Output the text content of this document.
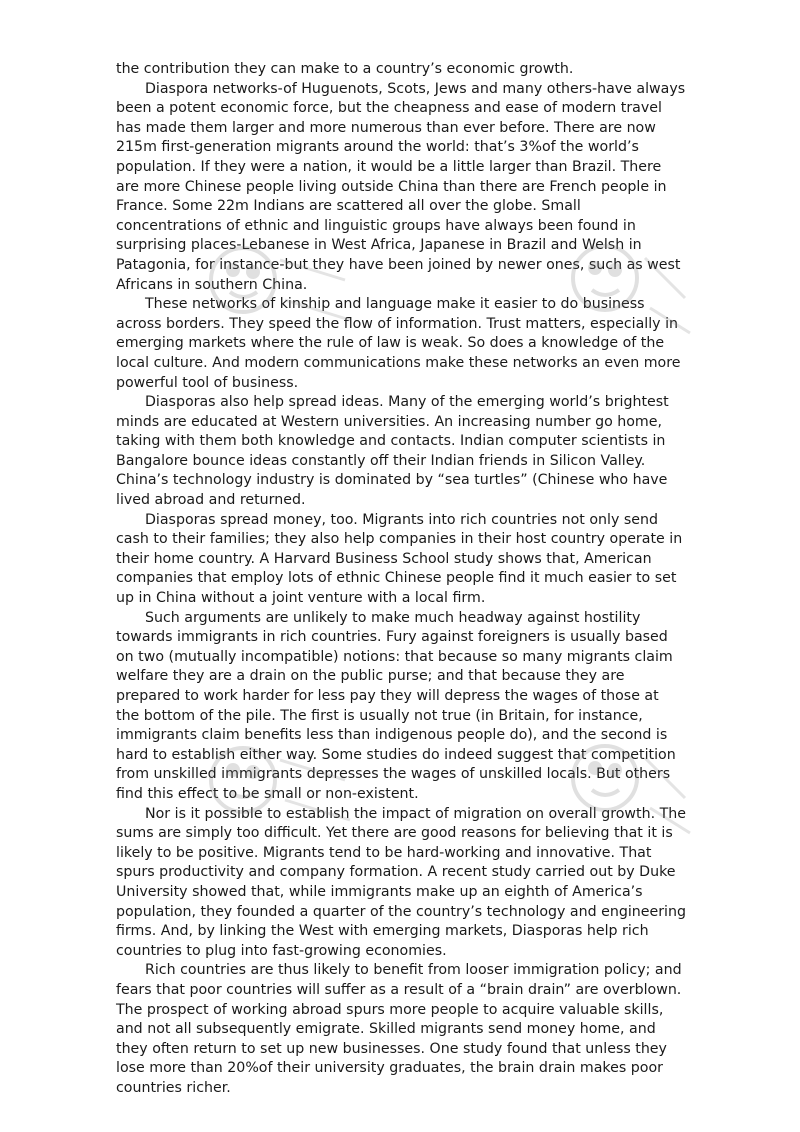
the contribution they can make to a country’s economic growth.

Diaspora networks-of Huguenots, Scots, Jews and many others-have always been a potent economic force, but the cheapness and ease of modern travel has made them larger and more numerous than ever before. There are now 215m first-generation migrants around the world: that’s 3%of the world’s population. If they were a nation, it would be a little larger than Brazil. There are more Chinese people living outside China than there are French people in France. Some 22m Indians are scattered all over the globe. Small concentrations of ethnic and linguistic groups have always been found in surprising places-Lebanese in West Africa, Japanese in Brazil and Welsh in Patagonia, for instance-but they have been joined by newer ones, such as west Africans in southern China.

These networks of kinship and language make it easier to do business across borders. They speed the flow of information. Trust matters, especially in emerging markets where the rule of law is weak. So does a knowledge of the local culture. And modern communications make these networks an even more powerful tool of business.

Diasporas also help spread ideas. Many of the emerging world’s brightest minds are educated at Western universities. An increasing number go home, taking with them both knowledge and contacts. Indian computer scientists in Bangalore bounce ideas constantly off their Indian friends in Silicon Valley. China’s technology industry is dominated by “sea turtles” (Chinese who have lived abroad and returned.

Diasporas spread money, too. Migrants into rich countries not only send cash to their families; they also help companies in their host country operate in their home country. A Harvard Business School study shows that, American companies that employ lots of ethnic Chinese people find it much easier to set up in China without a joint venture with a local firm.

Such arguments are unlikely to make much headway against hostility towards immigrants in rich countries. Fury against foreigners is usually based on two (mutually incompatible) notions: that because so many migrants claim welfare they are a drain on the public purse; and that because they are prepared to work harder for less pay they will depress the wages of those at the bottom of the pile. The first is usually not true (in Britain, for instance, immigrants claim benefits less than indigenous people do), and the second is hard to establish either way. Some studies do indeed suggest that competition from unskilled immigrants depresses the wages of unskilled locals. But others find this effect to be small or non-existent.

Nor is it possible to establish the impact of migration on overall growth. The sums are simply too difficult. Yet there are good reasons for believing that it is likely to be positive. Migrants tend to be hard-working and innovative. That spurs productivity and company formation. A recent study carried out by Duke University showed that, while immigrants make up an eighth of America’s population, they founded a quarter of the country’s technology and engineering firms. And, by linking the West with emerging markets, Diasporas help rich countries to plug into fast-growing economies.

Rich countries are thus likely to benefit from looser immigration policy; and fears that poor countries will suffer as a result of a “brain drain” are overblown. The prospect of working abroad spurs more people to acquire valuable skills, and not all subsequently emigrate. Skilled migrants send money home, and they often return to set up new businesses. One study found that unless they lose more than 20%of their university graduates, the brain drain makes poor countries richer.
